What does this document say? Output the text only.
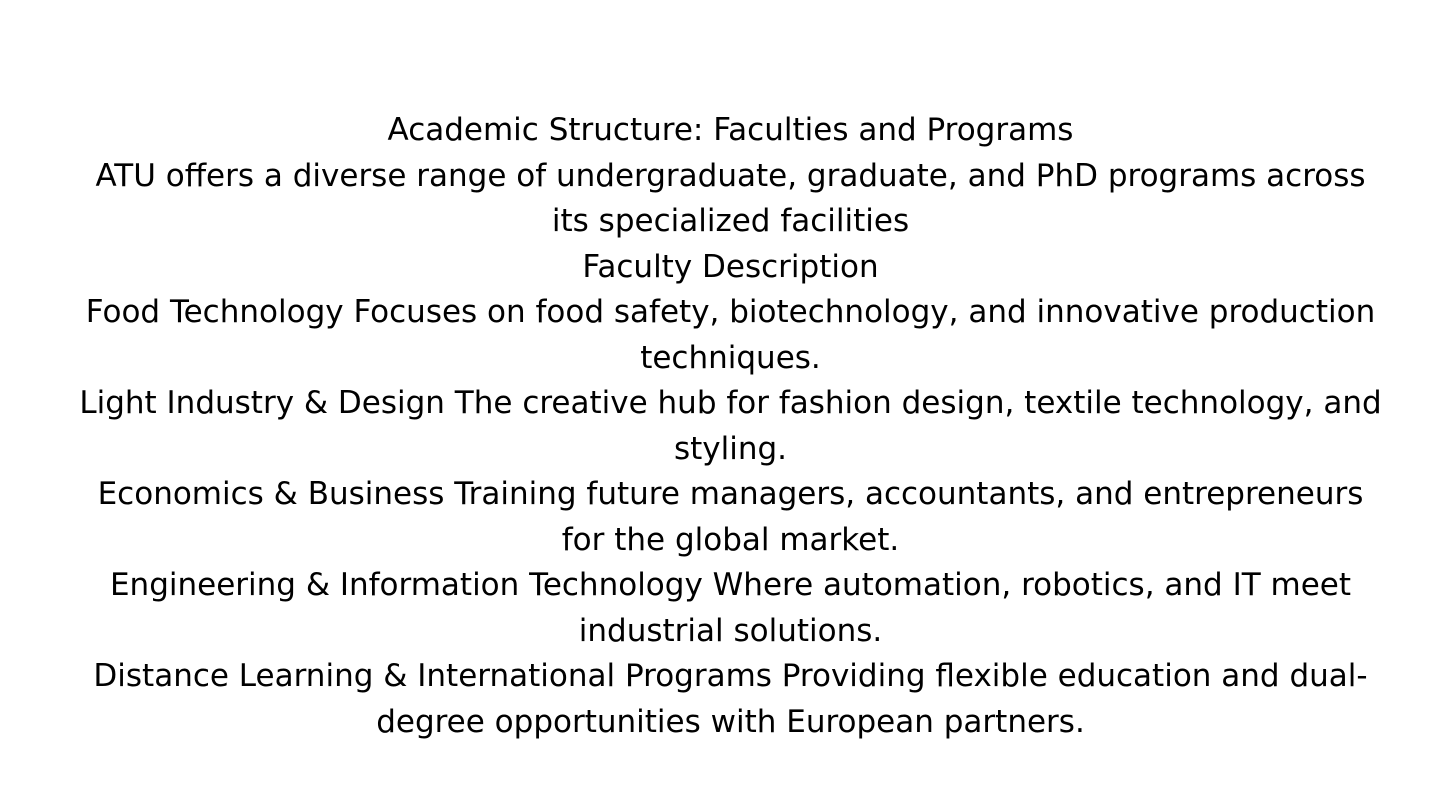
Academic Structure: Faculties and Programs
ATU offers a diverse range of undergraduate, graduate, and PhD programs across
its specialized facilities
Faculty Description
Food Technology Focuses on food safety, biotechnology, and innovative production
techniques.
Light Industry & Design The creative hub for fashion design, textile technology, and
styling.
Economics & Business Training future managers, accountants, and entrepreneurs
for the global market.
Engineering & Information Technology Where automation, robotics, and IT meet
industrial solutions.
Distance Learning & International Programs Providing flexible education and dual-
degree opportunities with European partners.
